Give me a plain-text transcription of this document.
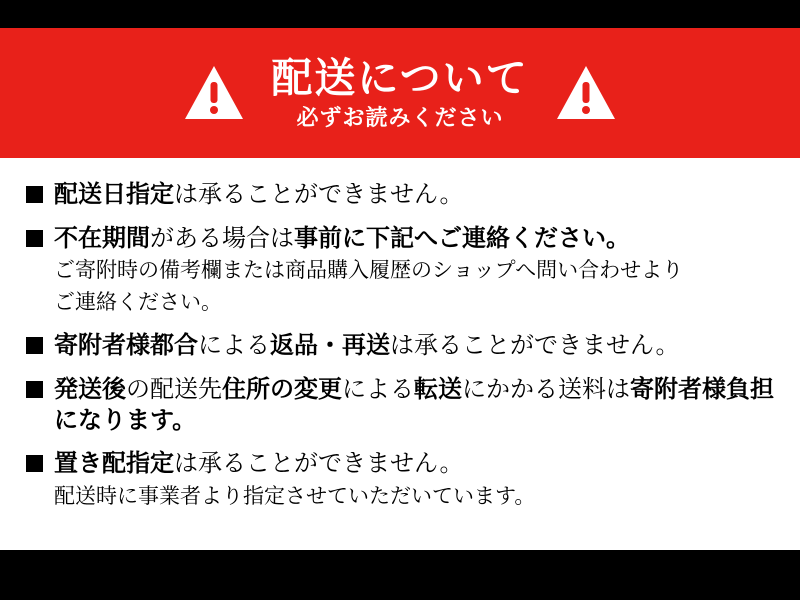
配送について
必ずお読みください
配送日指定は承ることができません。
不在期間がある場合は事前に下記へご連絡ください。
ご寄附時の備考欄または商品購入履歴のショップへ問い合わせより
ご連絡ください。
寄附者様都合による返品・再送は承ることができません。
発送後の配送先住所の変更による転送にかかる送料は寄附者様負担になります。
置き配指定は承ることができません。
配送時に事業者より指定させていただいています。
